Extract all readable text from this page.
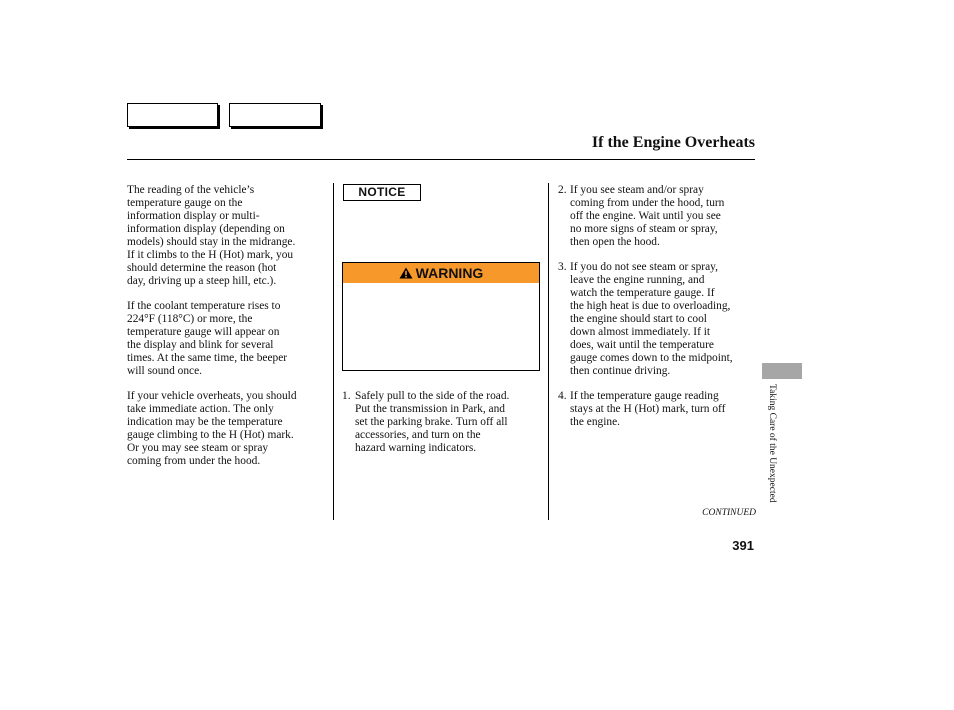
If the Engine Overheats

The reading of the vehicle’s
temperature gauge on the
information display or multi-
information display (depending on
models) should stay in the midrange.
If it climbs to the H (Hot) mark, you
should determine the reason (hot
day, driving up a steep hill, etc.).

If the coolant temperature rises to
224°F (118°C) or more, the
temperature gauge will appear on
the display and blink for several
times. At the same time, the beeper
will sound once.

If your vehicle overheats, you should
take immediate action. The only
indication may be the temperature
gauge climbing to the H (Hot) mark.
Or you may see steam or spray
coming from under the hood.

NOTICE
WARNING
1. Safely pull to the side of the road.
Put the transmission in Park, and
set the parking brake. Turn off all
accessories, and turn on the
hazard warning indicators.
2. If you see steam and/or spray
coming from under the hood, turn
off the engine. Wait until you see
no more signs of steam or spray,
then open the hood.
3. If you do not see steam or spray,
leave the engine running, and
watch the temperature gauge. If
the high heat is due to overloading,
the engine should start to cool
down almost immediately. If it
does, wait until the temperature
gauge comes down to the midpoint,
then continue driving.
4. If the temperature gauge reading
stays at the H (Hot) mark, turn off
the engine.	Taking Care of the Unexpected
CONTINUED
391
